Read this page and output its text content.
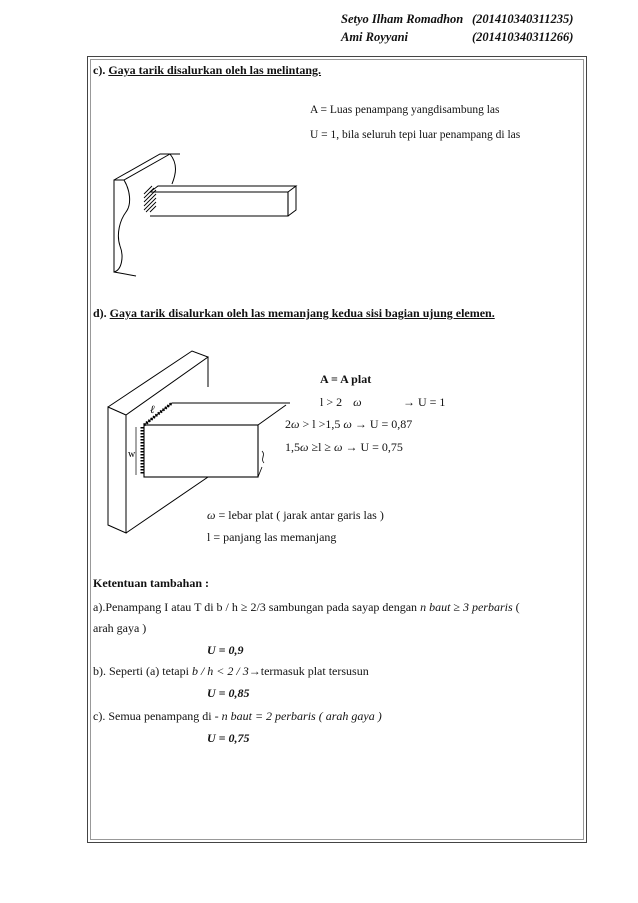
Setyo Ilham Romadhon (201410340311235)
Ami Royyani	(201410340311266)
c). Gaya tarik disalurkan oleh las melintang.
A = Luas penampang yangdisambung las
U = 1, bila seluruh tepi luar penampang di las
d). Gaya tarik disalurkan oleh las memanjang kedua sisi bagian ujung elemen.
w
ℓ
A = A plat
l > 2 ω	→ U = 1
2ω > l >1,5 ω → U = 0,87
1,5ω ≥l ≥ ω → U = 0,75
ω = lebar plat ( jarak antar garis las )
l = panjang las memanjang
Ketentuan tambahan :
a).Penampang I atau T di b / h ≥ 2/3 sambungan pada sayap dengan n baut ≥ 3 perbaris (
arah gaya )
U = 0,9
b). Seperti (a) tetapi b / h < 2 / 3→termasuk plat tersusun
U = 0,85
c). Semua penampang di - n baut = 2 perbaris ( arah gaya )
U = 0,75
